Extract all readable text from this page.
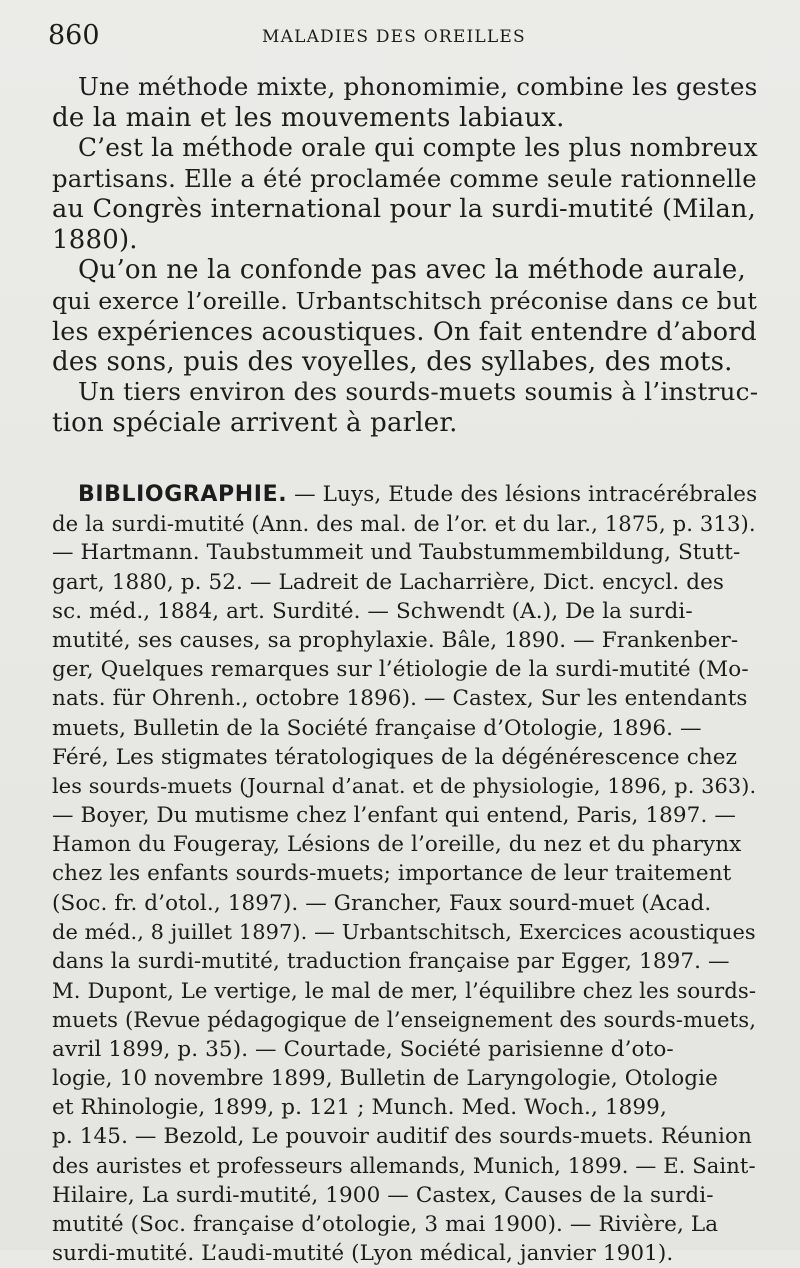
860	MALADIES DES OREILLES
Une méthode mixte, phonomimie, combine les gestes
de la main et les mouvements labiaux.
C’est la méthode orale qui compte les plus nombreux
partisans. Elle a été proclamée comme seule rationnelle
au Congrès international pour la surdi-mutité (Milan,
1880).
Qu’on ne la confonde pas avec la méthode aurale,
qui exerce l’oreille. Urbantschitsch préconise dans ce but
les expériences acoustiques. On fait entendre d’abord
des sons, puis des voyelles, des syllabes, des mots.
Un tiers environ des sourds-muets soumis à l’instruc-
tion spéciale arrivent à parler.
BIBLIOGRAPHIE. — Luys, Etude des lésions intracérébrales
de la surdi-mutité (Ann. des mal. de l’or. et du lar., 1875, p. 313).
— Hartmann. Taubstummeit und Taubstummembildung, Stutt-
gart, 1880, p. 52. — Ladreit de Lacharrière, Dict. encycl. des
sc. méd., 1884, art. Surdité. — Schwendt (A.), De la surdi-
mutité, ses causes, sa prophylaxie. Bâle, 1890. — Frankenber-
ger, Quelques remarques sur l’étiologie de la surdi-mutité (Mo-
nats. für Ohrenh., octobre 1896). — Castex, Sur les entendants
muets, Bulletin de la Société française d’Otologie, 1896. —
Féré, Les stigmates tératologiques de la dégénérescence chez
les sourds-muets (Journal d’anat. et de physiologie, 1896, p. 363).
— Boyer, Du mutisme chez l’enfant qui entend, Paris, 1897. —
Hamon du Fougeray, Lésions de l’oreille, du nez et du pharynx
chez les enfants sourds-muets; importance de leur traitement
(Soc. fr. d’otol., 1897). — Grancher, Faux sourd-muet (Acad.
de méd., 8 juillet 1897). — Urbantschitsch, Exercices acoustiques
dans la surdi-mutité, traduction française par Egger, 1897. —
M. Dupont, Le vertige, le mal de mer, l’équilibre chez les sourds-
muets (Revue pédagogique de l’enseignement des sourds-muets,
avril 1899, p. 35). — Courtade, Société parisienne d’oto-
logie, 10 novembre 1899, Bulletin de Laryngologie, Otologie
et Rhinologie, 1899, p. 121 ; Munch. Med. Woch., 1899,
p. 145. — Bezold, Le pouvoir auditif des sourds-muets. Réunion
des auristes et professeurs allemands, Munich, 1899. — E. Saint-
Hilaire, La surdi-mutité, 1900 — Castex, Causes de la surdi-
mutité (Soc. française d’otologie, 3 mai 1900). — Rivière, La
surdi-mutité. L’audi-mutité (Lyon médical, janvier 1901).
